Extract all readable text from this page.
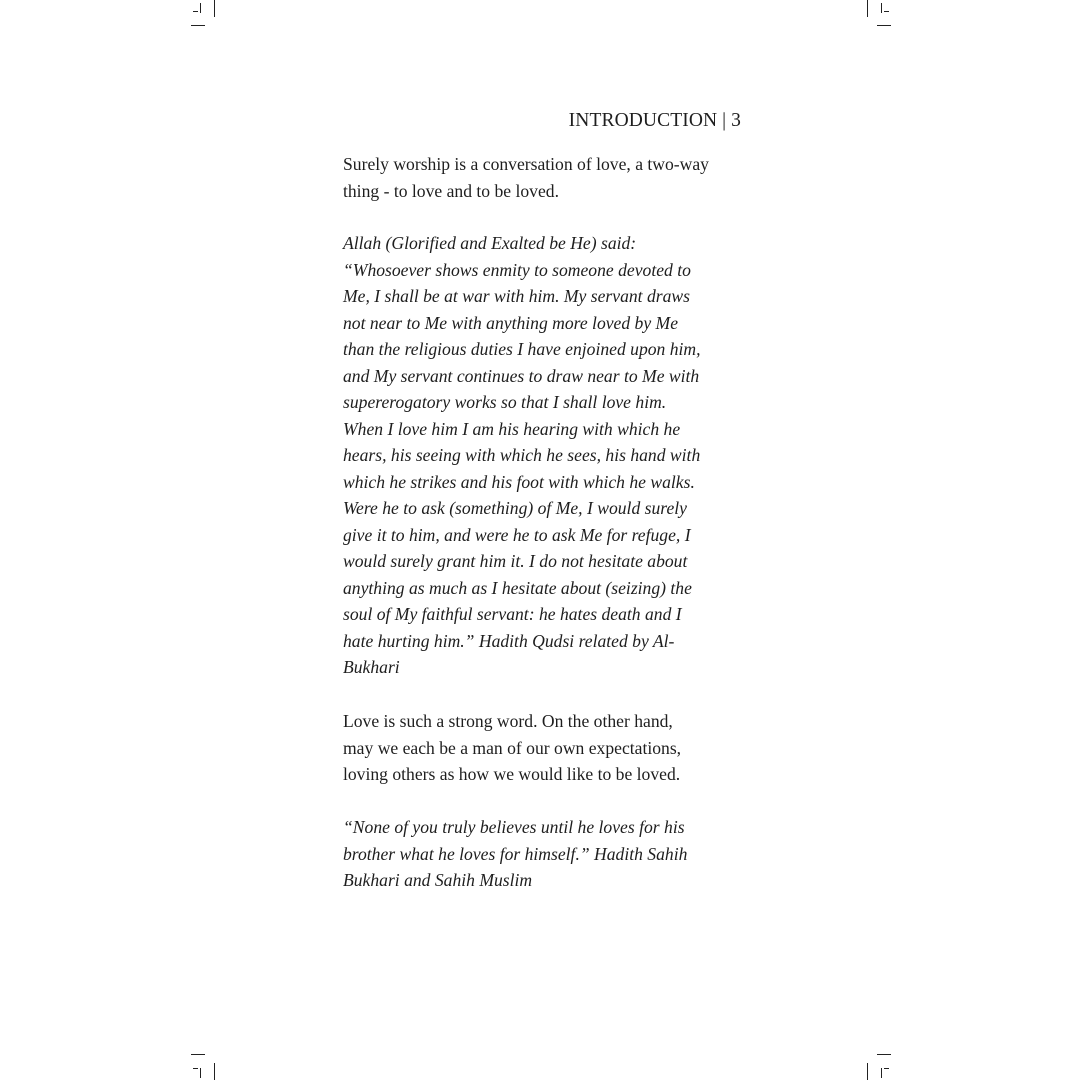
INTRODUCTION | 3

Surely worship is a conversation of love, a two-way
thing - to love and to be loved.

Allah (Glorified and Exalted be He) said:
“Whosoever shows enmity to someone devoted to
Me, I shall be at war with him. My servant draws
not near to Me with anything more loved by Me
than the religious duties I have enjoined upon him,
and My servant continues to draw near to Me with
supererogatory works so that I shall love him.
When I love him I am his hearing with which he
hears, his seeing with which he sees, his hand with
which he strikes and his foot with which he walks.
Were he to ask (something) of Me, I would surely
give it to him, and were he to ask Me for refuge, I
would surely grant him it. I do not hesitate about
anything as much as I hesitate about (seizing) the
soul of My faithful servant: he hates death and I
hate hurting him.” Hadith Qudsi related by Al-
Bukhari

Love is such a strong word. On the other hand,
may we each be a man of our own expectations,
loving others as how we would like to be loved.

“None of you truly believes until he loves for his
brother what he loves for himself.” Hadith Sahih
Bukhari and Sahih Muslim
